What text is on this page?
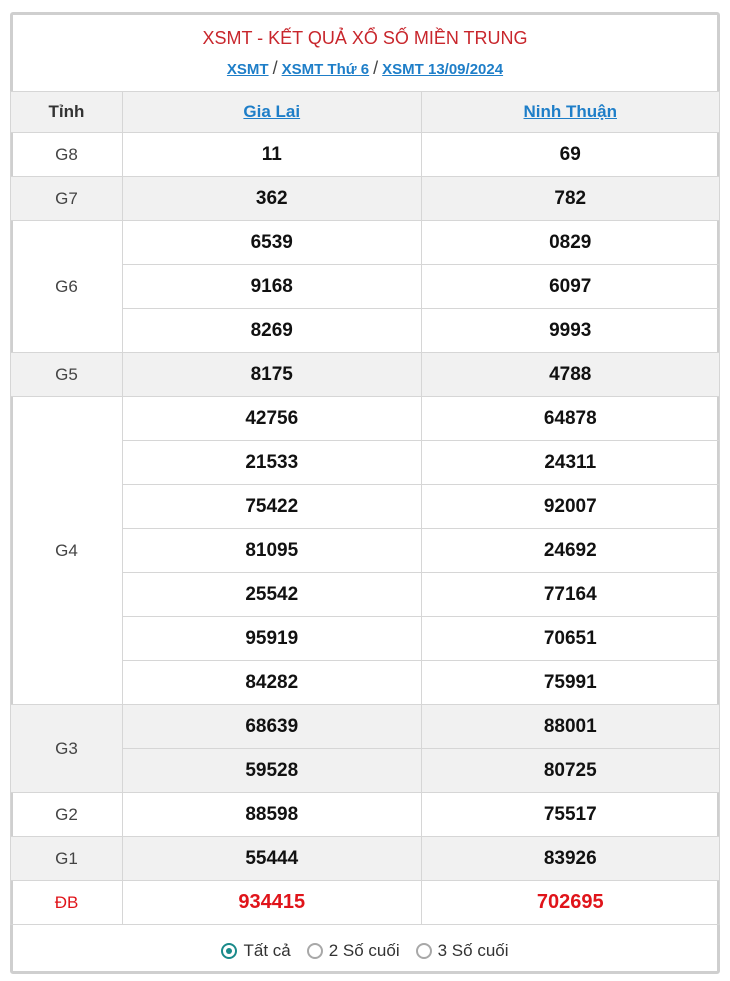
XSMT - KẾT QUẢ XỔ SỐ MIỀN TRUNG
XSMT / XSMT Thứ 6 / XSMT 13/09/2024
Tỉnh	Gia Lai	Ninh Thuận
G8	11	69
G7	362	782
G6	6539	0829
	9168	6097
	8269	9993
G5	8175	4788
G4	42756	64878
	21533	24311
	75422	92007
	81095	24692
	25542	77164
	95919	70651
	84282	75991
G3	68639	88001
	59528	80725
G2	88598	75517
G1	55444	83926
ĐB	934415	702695
Tất cả 2 Số cuối 3 Số cuối
